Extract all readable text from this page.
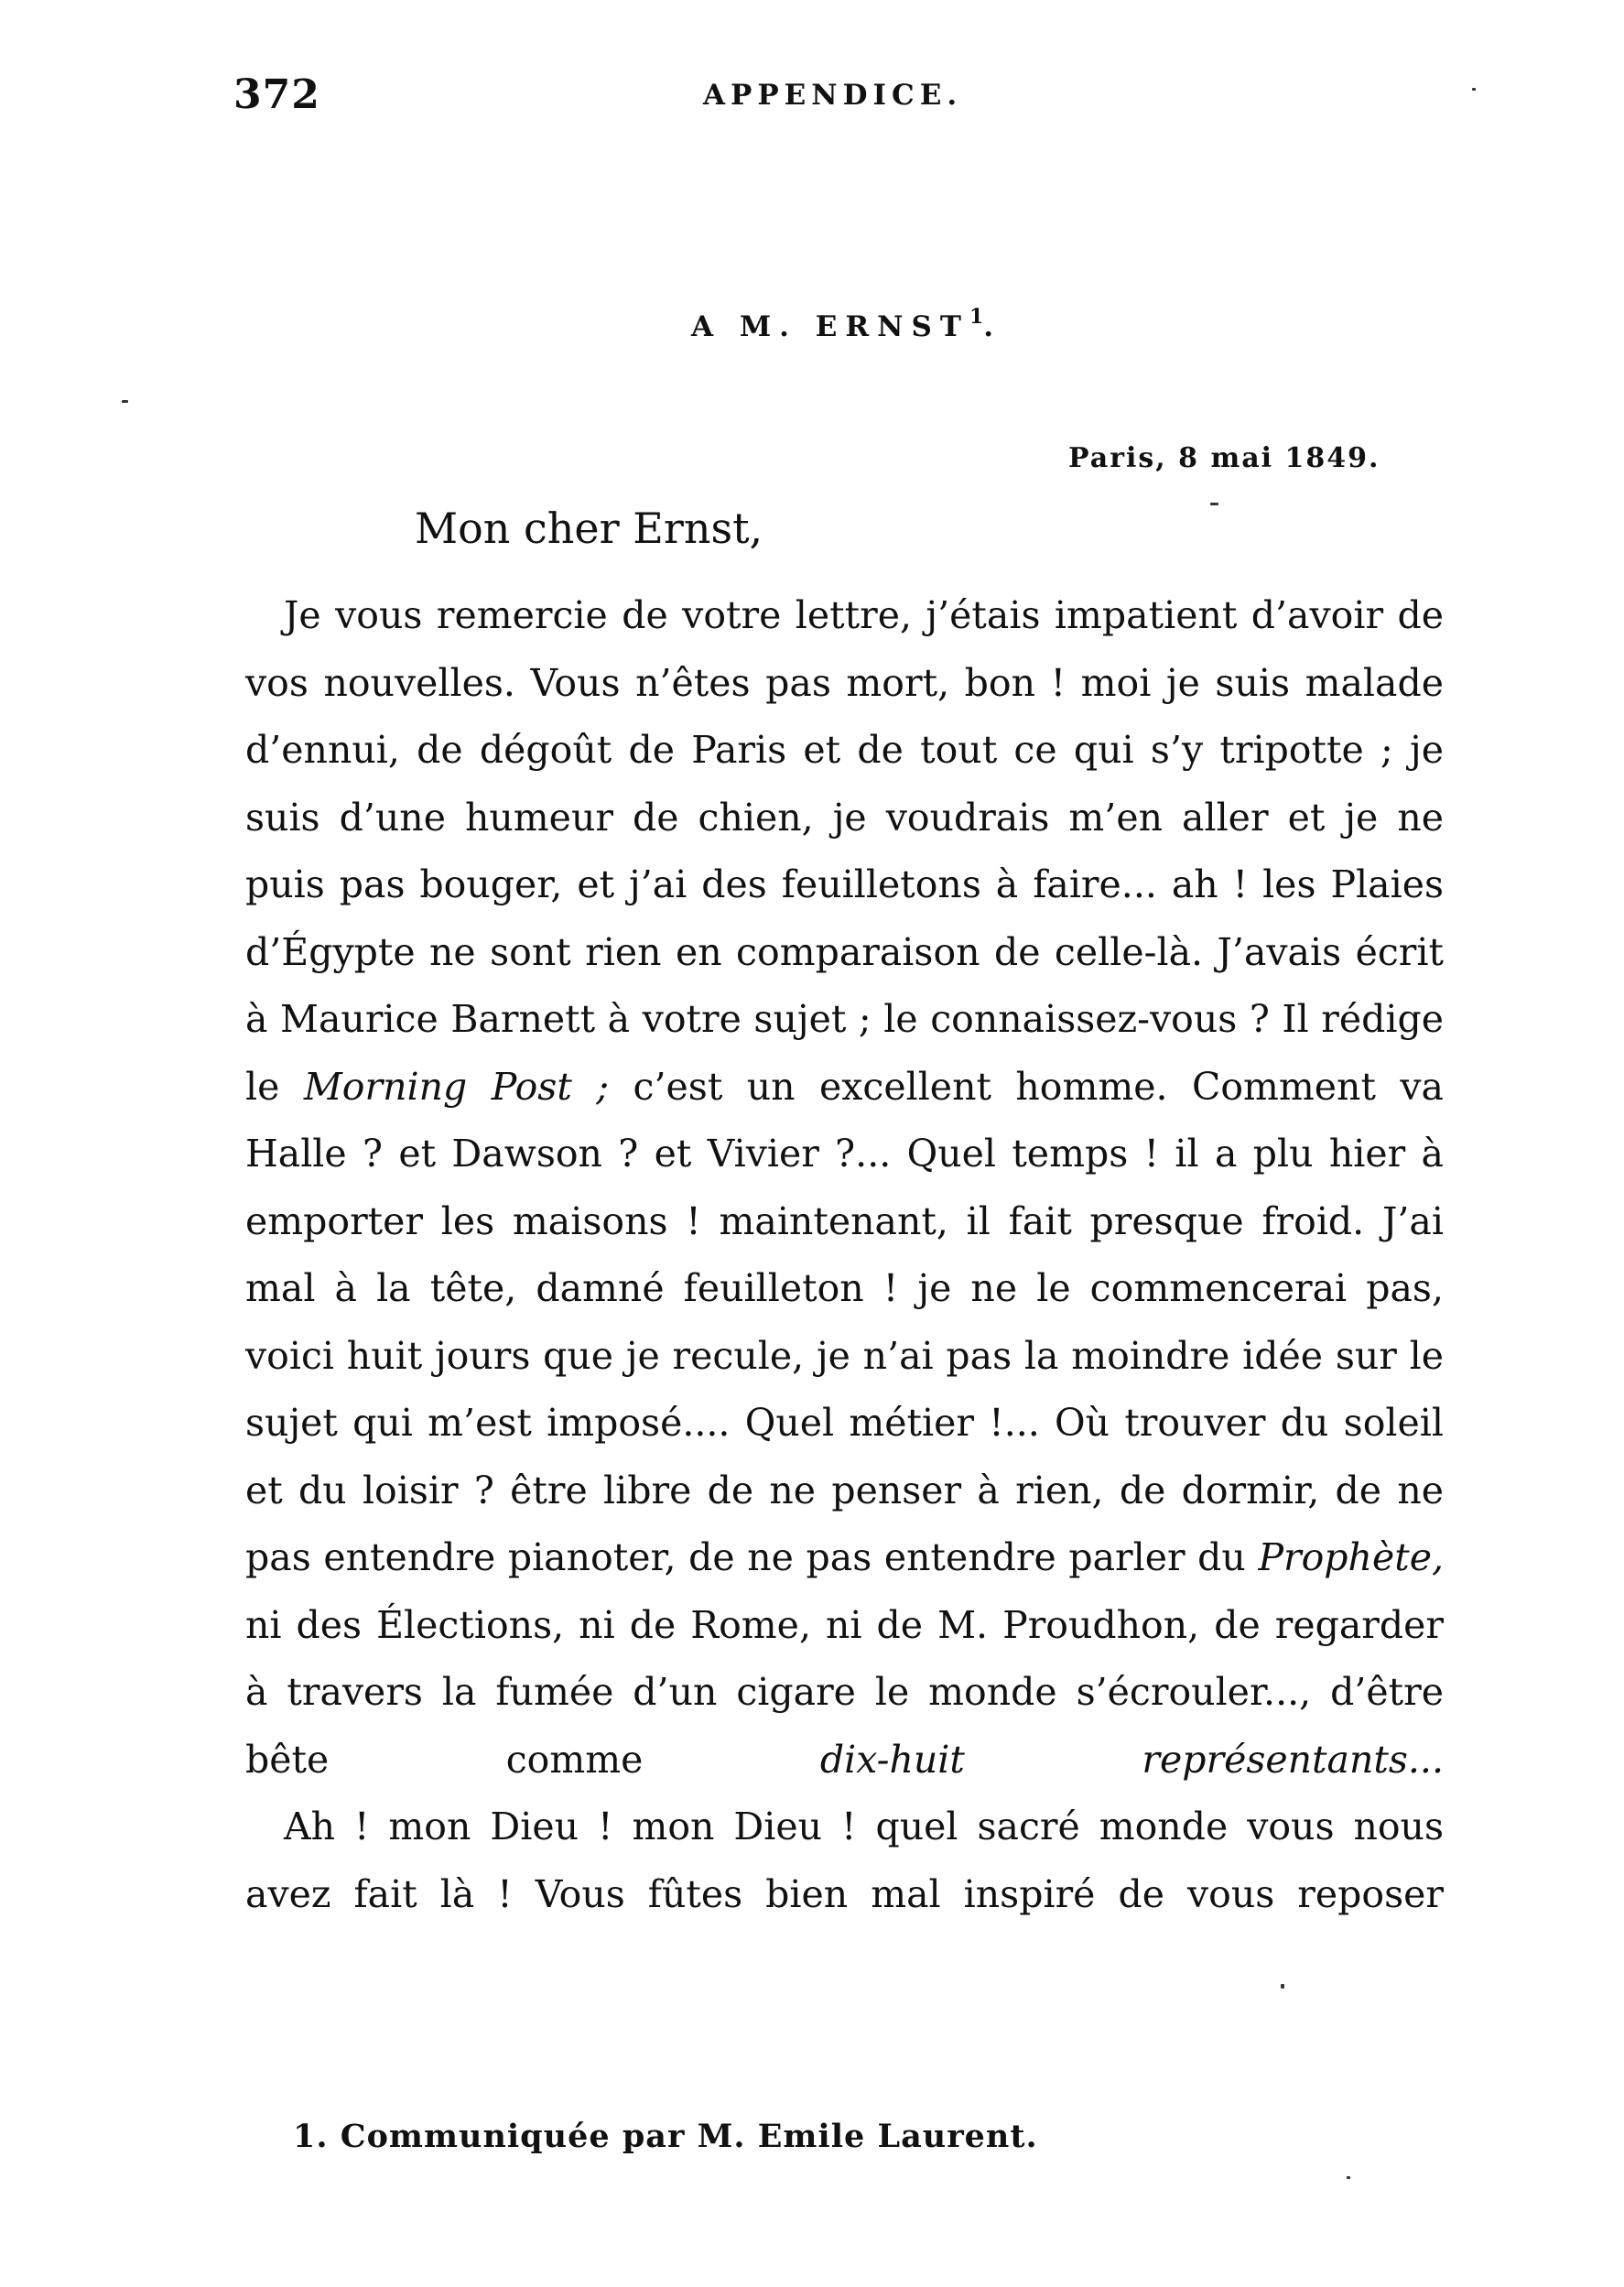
372	APPENDICE.
A M. ERNST$^1$.
Paris, 8 mai 1849.
Mon cher Ernst,

Je vous remercie de votre lettre, j’étais impatient d’avoir de vos nouvelles. Vous n’êtes pas mort, bon ! moi je suis malade d’ennui, de dégoût de Paris et de tout ce qui s’y tripotte ; je suis d’une humeur de chien, je voudrais m’en aller et je ne puis pas bouger, et j’ai des feuilletons à faire... ah ! les Plaies d’Égypte ne sont rien en comparaison de celle-là. J’avais écrit à Maurice Barnett à votre sujet ; le connaissez-vous ? Il rédige le Morning Post ; c’est un excellent homme. Comment va Halle ? et Dawson ? et Vivier ?... Quel temps ! il a plu hier à emporter les maisons ! maintenant, il fait presque froid. J’ai mal à la tête, damné feuilleton ! je ne le commencerai pas, voici huit jours que je recule, je n’ai pas la moindre idée sur le sujet qui m’est imposé.... Quel métier !... Où trouver du soleil et du loisir ? être libre de ne penser à rien, de dormir, de ne pas entendre pianoter, de ne pas entendre parler du Prophète, ni des Élections, ni de Rome, ni de M. Proudhon, de regarder à travers la fumée d’un cigare le monde s’écrouler..., d’être bête comme	dix-huit représentants...

Ah ! mon Dieu ! mon Dieu ! quel sacré monde vous nous avez fait là ! Vous fûtes bien mal inspiré de vous reposer

1. Communiquée par M. Emile Laurent.
